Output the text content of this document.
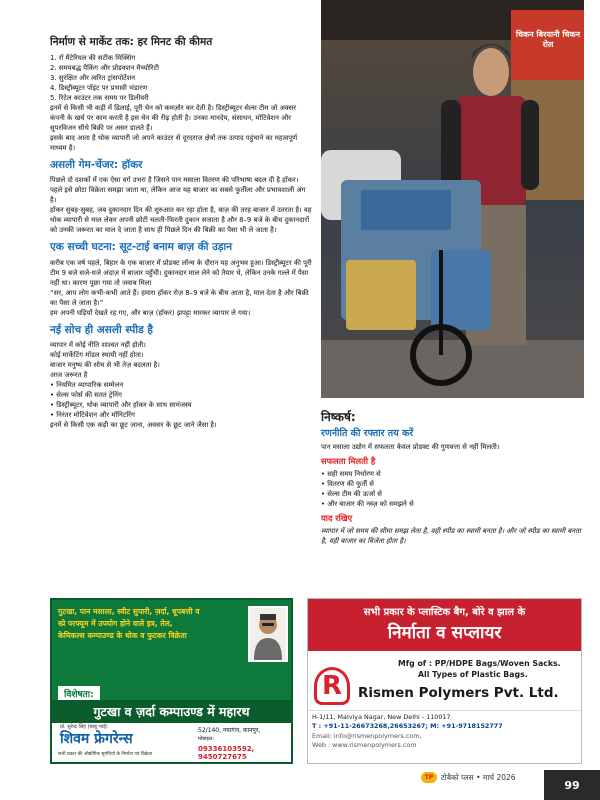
निर्माण से मार्केट तक: हर मिनट की कीमत
1. रॉ मैटेरियल की सटीक मिक्सिंग
2. समयबद्ध पैकिंग और प्रोडक्शन मैच्योरिटी
3. सुरक्षित और त्वरित ट्रांसपोर्टेशन
4. डिस्ट्रीब्यूटर पॉइंट पर प्रभावी भंडारण
5. रिटेल काउंटर तक समय पर डिलीवरी

इनमें से किसी भी कड़ी में ढिलाई, पूरी चेन को कमज़ोर कर देती है। डिस्ट्रीब्यूटर सेल्स टीम जो अक्सर कंपनी के खर्च पर काम करती है इस चेन की रीढ़ होती है। उनका मानदेय, संसाधन, मोटिवेशन और सुपरविजन सीधे बिक्री पर असर डालते हैं।

इसके बाद आता है थोक व्यापारी जो अपने काउंटर से दूरदराज क्षेत्रों तक उत्पाद पहुंचाने का महत्वपूर्ण माध्यम है।

असली गेम-चेंजर: हॉकर

पिछले दो दशकों में एक ऐसा वर्ग उभरा है जिसने पान मसाला वितरण की परिभाषा बदल दी है हॉकर।

पहले इसे छोटा विक्रेता समझा जाता था, लेकिन आज यह बाजार का सबसे फुर्तीला और प्रभावशाली अंग है।

हॉकर सुबह-सुबह, जब दुकानदार दिन की शुरुआत कर रहा होता है, बाज़ की तरह बाजार में उतरता है। वह थोक व्यापारी से माल लेकर अपनी छोटी चलती-फिरती दुकान सजाता है और 8–9 बजे के बीच दुकानदारों को उनकी जरूरत का माल दे जाता है साथ ही पिछले दिन की बिक्री का पैसा भी ले जाता है।

एक सच्ची घटना: सूट-टाई बनाम बाज़ की उड़ान

करीब एक वर्ष पहले, बिहार के एक बाजार में प्रोडक्ट लॉन्च के दौरान यह अनुभव हुआ। डिस्ट्रीब्यूटर की पूरी टीम 9 बजे सजे-धजे अंदाज़ में बाजार पहुँची। दुकानदार माल लेने को तैयार थे, लेकिन उनके गल्ले में पैसा नहीं था। कारण पूछा गया तो जवाब मिला

“सर, आप लोग कभी-कभी आते हैं। हमारा हॉकर रोज़ 8–9 बजे के बीच आता है, माल देता है और बिक्री का पैसा ले जाता है।”

हम अपनी घड़ियाँ देखते रह गए, और बाज़ (हॉकर) झपट्टा मारकर व्यापार ले गया।

नई सोच ही असली स्पीड है

व्यापार में कोई नीति शाश्वत नहीं होती।

कोई मार्केटिंग मॉडल स्थायी नहीं होता।

बाजार मनुष्य की सोच से भी तेज़ बदलता है।

आज जरूरत है

• नियमित व्यापारिक सम्मेलन
• सेल्स फोर्स की सतत ट्रेनिंग
• डिस्ट्रीब्यूटर, थोक व्यापारी और हॉकर के साथ सामंजस्य
• निरंतर मोटिवेशन और मॉनिटरिंग

इनमें से किसी एक कड़ी का छूट जाना, अवसर के छूट जाने जैसा है।

चिकन बिरयानी चिकन रोल
निष्कर्ष:
रणनीति की रफ्तार तय करें

पान मसाला उद्योग में सफलता केवल प्रोडक्ट की गुणवत्ता से नहीं मिलती।

सफलता मिलती है
• सही समय निर्धारण से
• वितरण की फुर्ती से
• सेल्स टीम की ऊर्जा से
• और बाजार की नब्ज़ को समझने से
याद रखिए

व्यापार में जो समय की सीमा समझ लेता है, वही स्पीड का स्वामी बनता है। और जो स्पीड का स्वामी बनता है, वही बाजार का विजेता होता है।

गुटखा, पान मसाला, स्वीट सुपारी, ज़र्दा, धूपबत्ती व
स्प्रे परफ्यूम में उपयोग होने वाले इत्र, तेल,
केमिकल्स कम्पाउण्ड के थोक व फुटकर विक्रेता
विशेषता:
गुटखा व ज़र्दा कम्पाउण्ड में महारथ
प्रो. सुरेन्द्र सिंह (बब्बू भाई)
शिवम फ्रेगरेन्स
सभी प्रकार की औद्योगिक सुगंधियों के निर्माता एवं विक्रेता
52/140, नयागंज, कानपुर,
मोबाइल:
09336103592, 9450727675
सभी प्रकार के प्लास्टिक बैग, बोरे व झाल के
निर्माता व सप्लायर
Mfg of : PP/HDPE Bags/Woven Sacks.
All Types of Plastic Bags.
R	Rismen Polymers Pvt. Ltd.
H-1/11, Malviya Nagar, New Delhi - 110017
T : +91-11-26673268,26653267; M: +91-9718152777
Email: info@rismenpolymers.com,
Web : www.rismenpolymers.com
TP	टोबैको प्लस • मार्च 2026
99
